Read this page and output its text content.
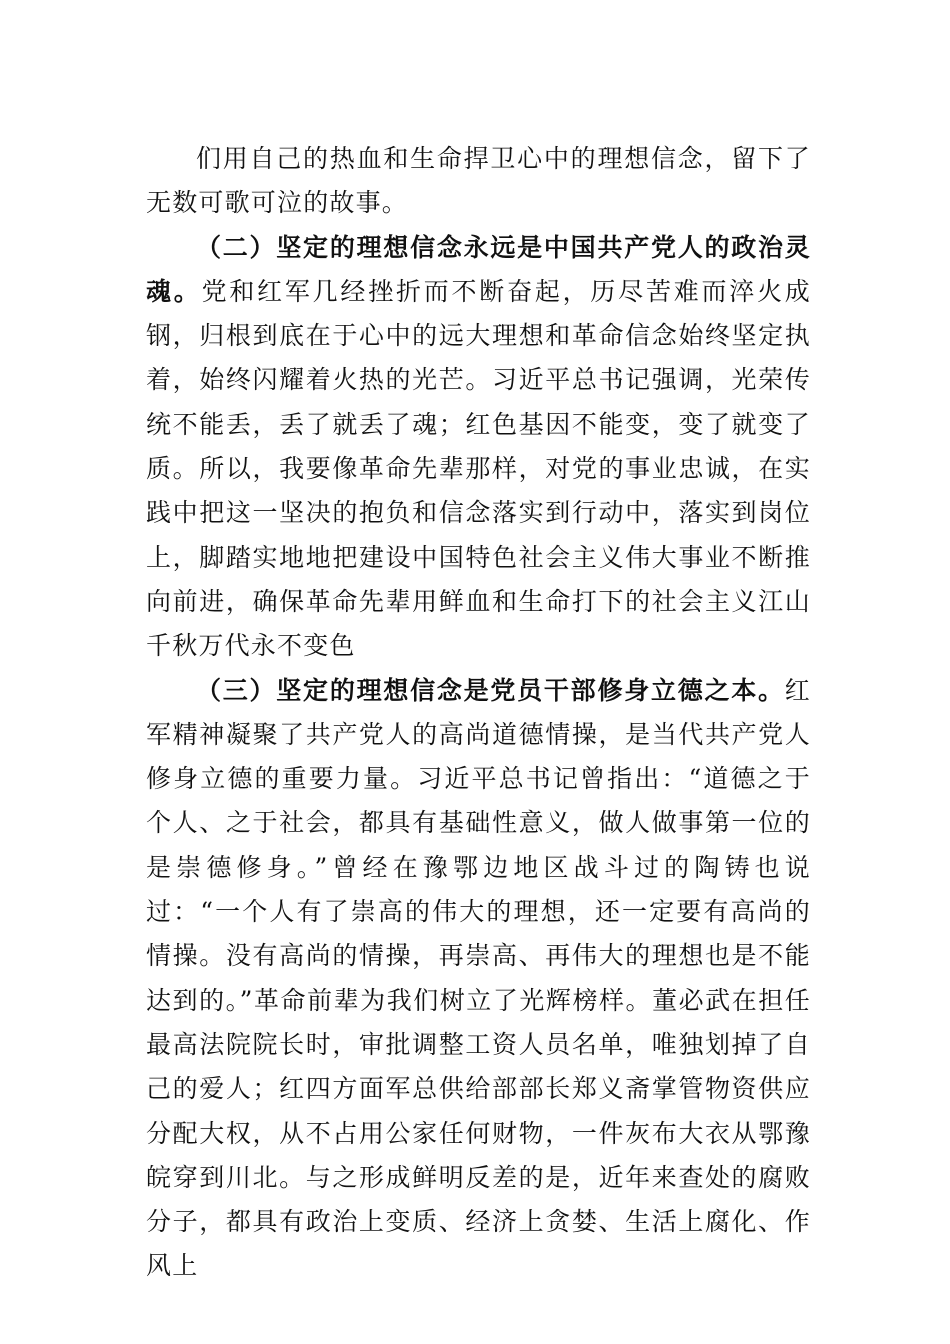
们用自己的热血和生命捍卫心中的理想信念，留下了无数可歌可泣的故事。

（二）坚定的理想信念永远是中国共产党人的政治灵魂。党和红军几经挫折而不断奋起，历尽苦难而淬火成钢，归根到底在于心中的远大理想和革命信念始终坚定执着，始终闪耀着火热的光芒。习近平总书记强调，光荣传统不能丢，丢了就丢了魂；红色基因不能变，变了就变了质。所以，我要像革命先辈那样，对党的事业忠诚，在实践中把这一坚决的抱负和信念落实到行动中，落实到岗位上，脚踏实地地把建设中国特色社会主义伟大事业不断推向前进，确保革命先辈用鲜血和生命打下的社会主义江山千秋万代永不变色

（三）坚定的理想信念是党员干部修身立德之本。红军精神凝聚了共产党人的高尚道德情操，是当代共产党人修身立德的重要力量。习近平总书记曾指出：“道德之于个人、之于社会，都具有基础性意义，做人做事第一位的是崇德修身。”曾经在豫鄂边地区战斗过的陶铸也说过：“一个人有了崇高的伟大的理想，还一定要有高尚的情操。没有高尚的情操，再崇高、再伟大的理想也是不能达到的。”革命前辈为我们树立了光辉榜样。董必武在担任最高法院院长时，审批调整工资人员名单，唯独划掉了自己的爱人；红四方面军总供给部部长郑义斋掌管物资供应分配大权，从不占用公家任何财物，一件灰布大衣从鄂豫皖穿到川北。与之形成鲜明反差的是，近年来查处的腐败分子，都具有政治上变质、经济上贪婪、生活上腐化、作风上
